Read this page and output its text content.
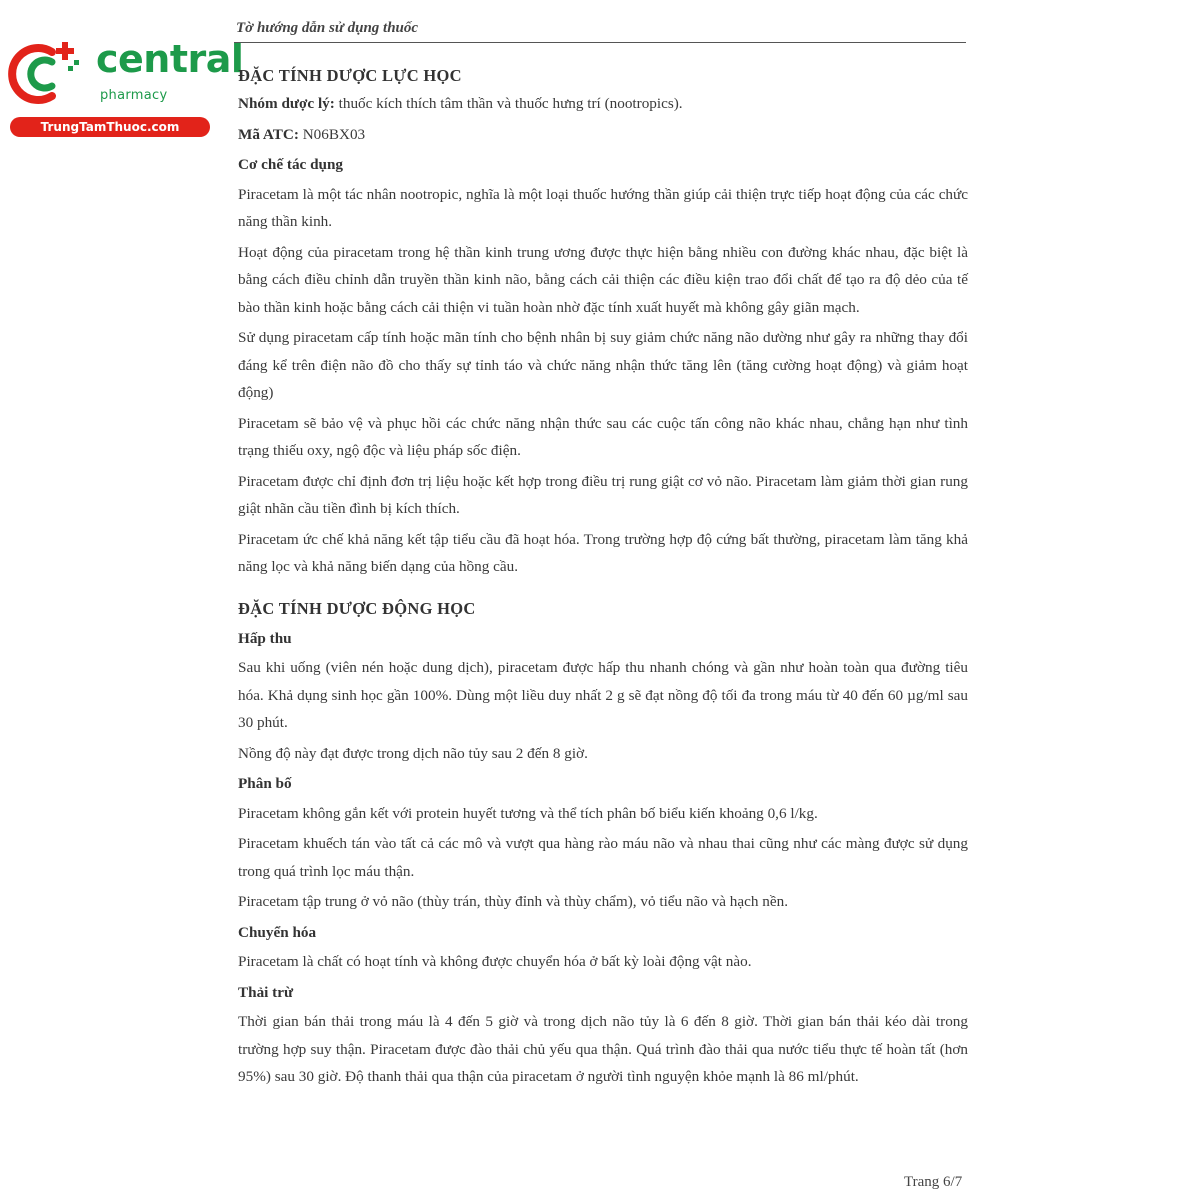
central
pharmacy
TrungTamThuoc.com
Tờ hướng dẫn sử dụng thuốc
ĐẶC TÍNH DƯỢC LỰC HỌC

Nhóm dược lý: thuốc kích thích tâm thần và thuốc hưng trí (nootropics).

Mã ATC: N06BX03

Cơ chế tác dụng

Piracetam là một tác nhân nootropic, nghĩa là một loại thuốc hướng thần giúp cải thiện trực tiếp hoạt động của các chức năng thần kinh.

Hoạt động của piracetam trong hệ thần kinh trung ương được thực hiện bằng nhiều con đường khác nhau, đặc biệt là bằng cách điều chỉnh dẫn truyền thần kinh não, bằng cách cải thiện các điều kiện trao đổi chất để tạo ra độ dẻo của tế bào thần kinh hoặc bằng cách cải thiện vi tuần hoàn nhờ đặc tính xuất huyết mà không gây giãn mạch.

Sử dụng piracetam cấp tính hoặc mãn tính cho bệnh nhân bị suy giảm chức năng não dường như gây ra những thay đổi đáng kể trên điện não đồ cho thấy sự tỉnh táo và chức năng nhận thức tăng lên (tăng cường hoạt động) và giảm hoạt động)

Piracetam sẽ bảo vệ và phục hồi các chức năng nhận thức sau các cuộc tấn công não khác nhau, chẳng hạn như tình trạng thiếu oxy, ngộ độc và liệu pháp sốc điện.

Piracetam được chỉ định đơn trị liệu hoặc kết hợp trong điều trị rung giật cơ vỏ não. Piracetam làm giảm thời gian rung giật nhãn cầu tiền đình bị kích thích.

Piracetam ức chế khả năng kết tập tiểu cầu đã hoạt hóa. Trong trường hợp độ cứng bất thường, piracetam làm tăng khả năng lọc và khả năng biến dạng của hồng cầu.

ĐẶC TÍNH DƯỢC ĐỘNG HỌC

Hấp thu

Sau khi uống (viên nén hoặc dung dịch), piracetam được hấp thu nhanh chóng và gần như hoàn toàn qua đường tiêu hóa. Khả dụng sinh học gần 100%. Dùng một liều duy nhất 2 g sẽ đạt nồng độ tối đa trong máu từ 40 đến 60 µg/ml sau 30 phút.

Nồng độ này đạt được trong dịch não tủy sau 2 đến 8 giờ.

Phân bố

Piracetam không gắn kết với protein huyết tương và thể tích phân bố biểu kiến khoảng 0,6 l/kg.

Piracetam khuếch tán vào tất cả các mô và vượt qua hàng rào máu não và nhau thai cũng như các màng được sử dụng trong quá trình lọc máu thận.

Piracetam tập trung ở vỏ não (thùy trán, thùy đỉnh và thùy chẩm), vỏ tiểu não và hạch nền.

Chuyển hóa

Piracetam là chất có hoạt tính và không được chuyển hóa ở bất kỳ loài động vật nào.

Thải trừ

Thời gian bán thải trong máu là 4 đến 5 giờ và trong dịch não tủy là 6 đến 8 giờ. Thời gian bán thải kéo dài trong trường hợp suy thận. Piracetam được đào thải chủ yếu qua thận. Quá trình đào thải qua nước tiểu thực tế hoàn tất (hơn 95%) sau 30 giờ. Độ thanh thải qua thận của piracetam ở người tình nguyện khỏe mạnh là 86 ml/phút.

Trang 6/7
